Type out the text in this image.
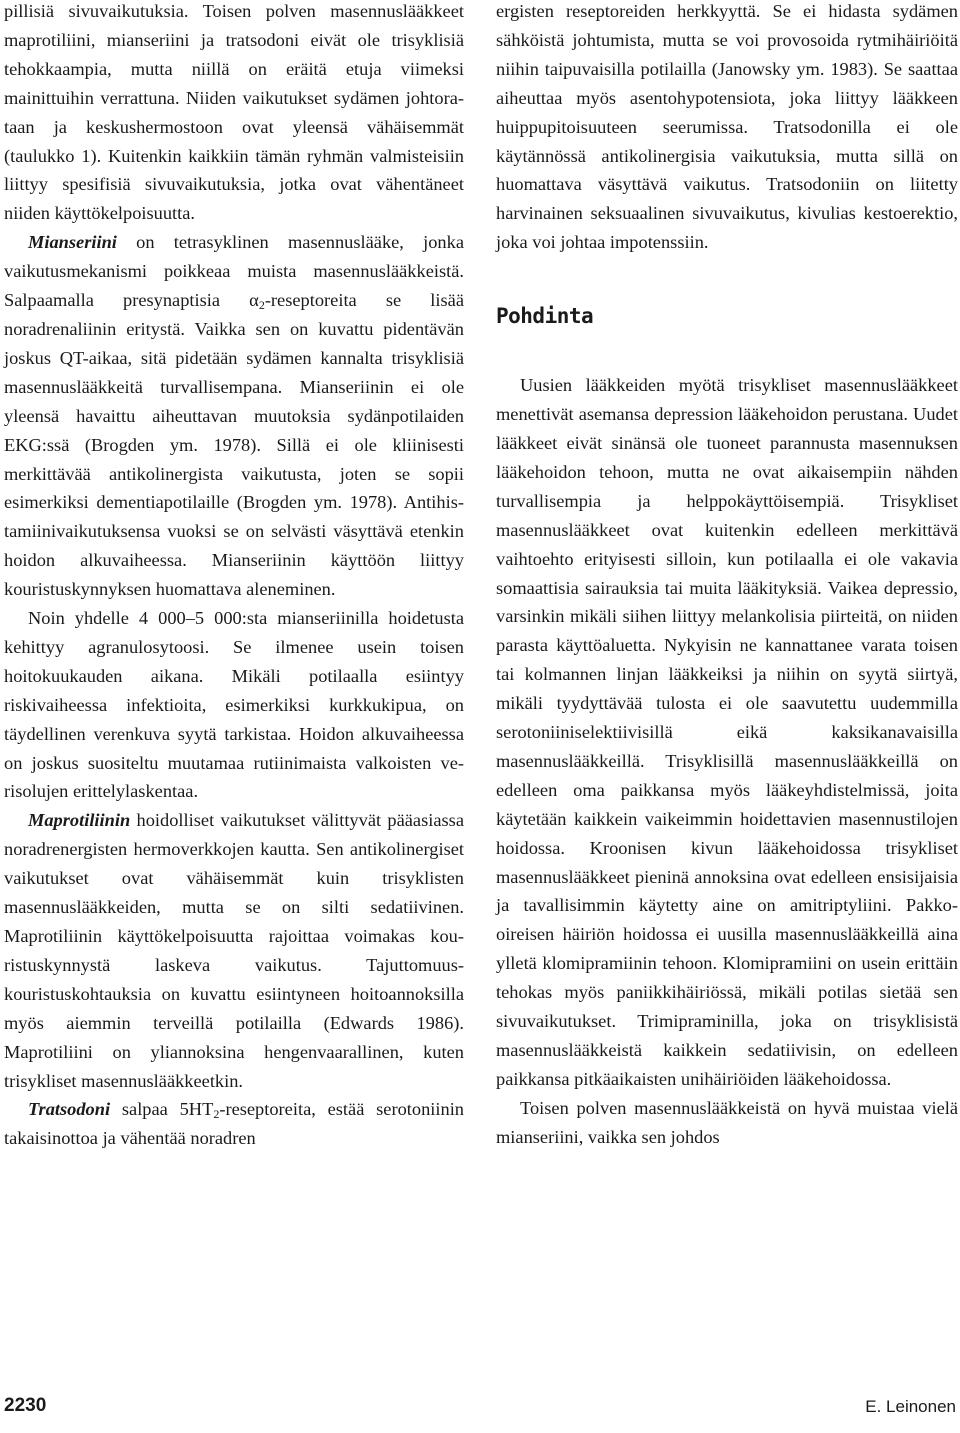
pillisiä sivuvaikutuksia. Toisen polven masennuslääkkeet maprotiliini, mianseriini ja tratsodoni eivät ole trisyklisiä tehokkaampia, mutta niillä on eräitä etuja viimeksi mainittuihin verrattuna. Niiden vaikutukset sydämen johtorataan ja keskushermostoon ovat yleensä vähäisemmät (taulukko 1). Kuitenkin kaikkiin tämän ryhmän valmisteisiin liittyy spesifisiä sivuvaikutuksia, jotka ovat vähentäneet niiden käyttökelpoisuutta.

Mianseriini on tetrasyklinen masennuslääke, jonka vaikutusmekanismi poikkeaa muista masennuslääkkeistä. Salpaamalla presynaptisia $\alpha_2$-reseptoreita se lisää noradrenaliinin eritystä. Vaikka sen on kuvattu pidentävän joskus QT-aikaa, sitä pidetään sydämen kannalta trisyklisiä masennuslääkkeitä turvallisempana. Mianseriinin ei ole yleensä havaittu aiheuttavan muutoksia sydänpotilaiden EKG:ssä (Brogden ym. 1978). Sillä ei ole kliinisesti merkittävää antikolinergista vaikutusta, joten se sopii esimerkiksi dementiapotilaille (Brogden ym. 1978). Antihistamiinivaikutuksensa vuoksi se on selvästi väsyttävä etenkin hoidon alkuvaiheessa. Mianseriinin käyttöön liittyy kouristuskynnyksen huomattava aleneminen.

Noin yhdelle 4 000–5 000:sta mianseriinilla hoidetusta kehittyy agranulosytoosi. Se ilmenee usein toisen hoitokuukauden aikana. Mikäli potilaalla esiintyy riskivaiheessa infektioita, esimerkiksi kurkkukipua, on täydellinen verenkuva syytä tarkistaa. Hoidon alkuvaiheessa on joskus suositeltu muutamaa rutiinimaista valkoisten verisolujen erittelylaskentaa.

Maprotiliinin hoidolliset vaikutukset välittyvät pääasiassa noradrenergisten hermoverkkojen kautta. Sen antikolinergiset vaikutukset ovat vähäisemmät kuin trisyklisten masennuslääkkeiden, mutta se on silti sedatiivinen. Maprotiliinin käyttökelpoisuutta rajoittaa voimakas kouristuskynnystä laskeva vaikutus. Tajuttomuuskouristuskohtauksia on kuvattu esiintyneen hoitoannoksilla myös aiemmin terveillä potilailla (Edwards 1986). Maprotiliini on yliannoksina hengenvaarallinen, kuten trisykliset masennuslääkkeetkin.

Tratsodoni salpaa $5HT_2$-reseptoreita, estää serotoniinin takaisinottoa ja vähentää noradren

ergisten reseptoreiden herkkyyttä. Se ei hidasta sydämen sähköistä johtumista, mutta se voi provosoida rytmihäiriöitä niihin taipuvaisilla potilailla (Janowsky ym. 1983). Se saattaa aiheuttaa myös asentohypotensiota, joka liittyy lääkkeen huippupitoisuuteen seerumissa. Tratsodonilla ei ole käytännössä antikolinergisia vaikutuksia, mutta sillä on huomattava väsyttävä vaikutus. Tratsodoniin on liitetty harvinainen seksuaalinen sivuvaikutus, kivulias kestoerektio, joka voi johtaa impotenssiin.

Pohdinta

Uusien lääkkeiden myötä trisykliset masennuslääkkeet menettivät asemansa depression lääkehoidon perustana. Uudet lääkkeet eivät sinänsä ole tuoneet parannusta masennuksen lääkehoidon tehoon, mutta ne ovat aikaisempiin nähden turvallisempia ja helppokäyttöisempiä. Trisykliset masennuslääkkeet ovat kuitenkin edelleen merkittävä vaihtoehto erityisesti silloin, kun potilaalla ei ole vakavia somaattisia sairauksia tai muita lääkityksiä. Vaikea depressio, varsinkin mikäli siihen liittyy melankolisia piirteitä, on niiden parasta käyttöaluetta. Nykyisin ne kannattanee varata toisen tai kolmannen linjan lääkkeiksi ja niihin on syytä siirtyä, mikäli tyydyttävää tulosta ei ole saavutettu uudemmilla serotoniiniselektiivisillä eikä kaksikanavaisilla masennuslääkkeillä. Trisyklisillä masennuslääkkeillä on edelleen oma paikkansa myös lääkeyhdistelmissä, joita käytetään kaikkein vaikeimmin hoidettavien masennustilojen hoidossa. Kroonisen kivun lääkehoidossa trisykliset masennuslääkkeet pieninä annoksina ovat edelleen ensisijaisia ja tavallisimmin käytetty aine on amitriptyliini. Pakko-oireisen häiriön hoidossa ei uusilla masennuslääkkeillä aina ylletä klomipramiinin tehoon. Klomipramiini on usein erittäin tehokas myös paniikkihäiriössä, mikäli potilas sietää sen sivuvaikutukset. Trimipraminilla, joka on trisyklisistä masennuslääkkeistä kaikkein sedatiivisin, on edelleen paikkansa pitkäaikaisten unihäiriöiden lääkehoidossa.

Toisen polven masennuslääkkeistä on hyvä muistaa vielä mianseriini, vaikka sen johdos

2230	E. Leinonen
